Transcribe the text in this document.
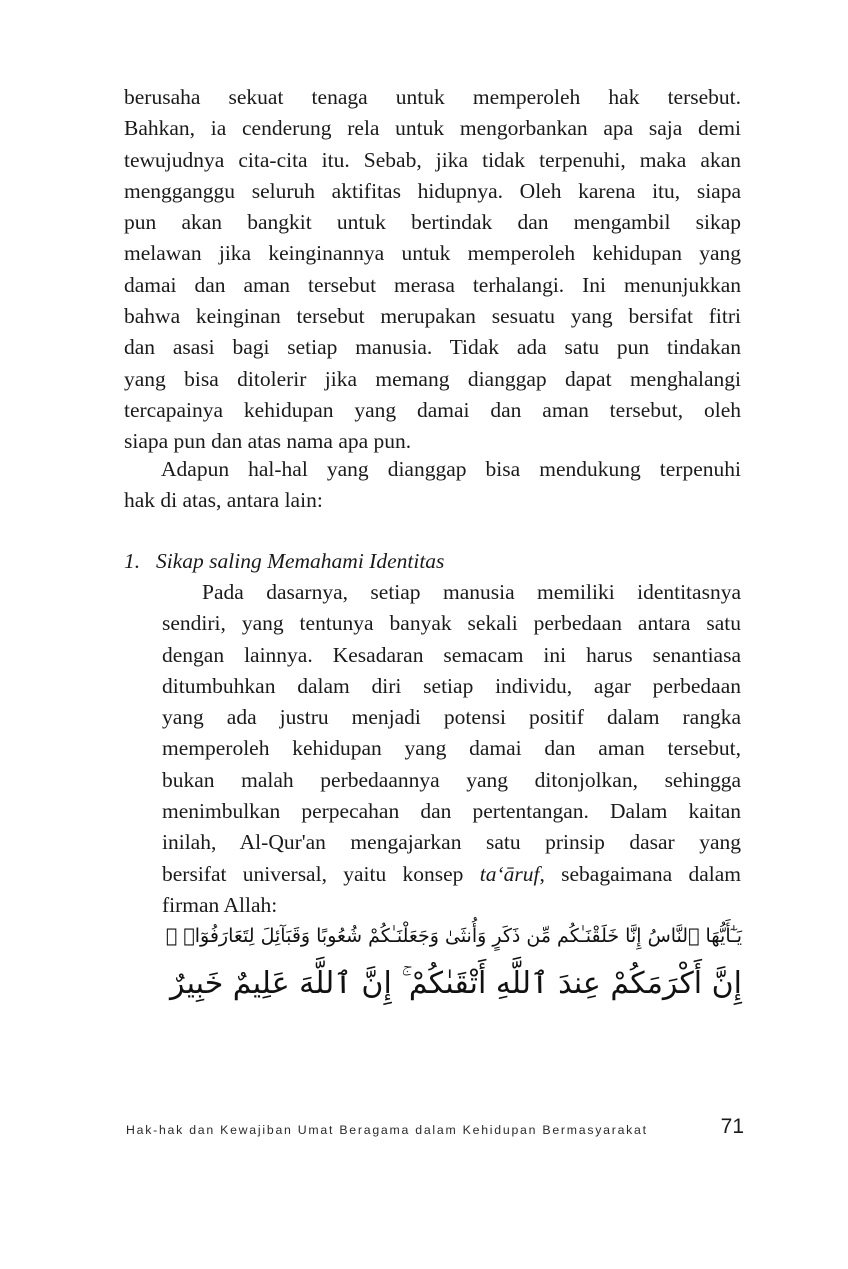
berusaha sekuat tenaga untuk memperoleh hak tersebut.
Bahkan, ia cenderung rela untuk mengorbankan apa saja demi
tewujudnya cita-cita itu. Sebab, jika tidak terpenuhi, maka akan
mengganggu seluruh aktifitas hidupnya. Oleh karena itu, siapa
pun akan bangkit untuk bertindak dan mengambil sikap
melawan jika keinginannya untuk memperoleh kehidupan yang
damai dan aman tersebut merasa terhalangi. Ini menunjukkan
bahwa keinginan tersebut merupakan sesuatu yang bersifat fitri
dan asasi bagi setiap manusia. Tidak ada satu pun tindakan
yang bisa ditolerir jika memang dianggap dapat menghalangi
tercapainya kehidupan yang damai dan aman tersebut, oleh
siapa pun dan atas nama apa pun.
Adapun hal-hal yang dianggap bisa mendukung terpenuhi
hak di atas, antara lain:
1. Sikap saling Memahami Identitas
Pada dasarnya, setiap manusia memiliki identitasnya
sendiri, yang tentunya banyak sekali perbedaan antara satu
dengan lainnya. Kesadaran semacam ini harus senantiasa
ditumbuhkan dalam diri setiap individu, agar perbedaan
yang ada justru menjadi potensi positif dalam rangka
memperoleh kehidupan yang damai dan aman tersebut,
bukan malah perbedaannya yang ditonjolkan, sehingga
menimbulkan perpecahan dan pertentangan. Dalam kaitan
inilah, Al-Qur'an mengajarkan satu prinsip dasar yang
bersifat universal, yaitu konsep ta‘āruf, sebagaimana dalam
firman Allah:
يَـٰٓأَيُّهَا ٱلنَّاسُ إِنَّا خَلَقْنَـٰكُم مِّن ذَكَرٍ وَأُنثَىٰ وَجَعَلْنَـٰكُمْ شُعُوبًا وَقَبَآئِلَ لِتَعَارَفُوٓا۟ ۚ
إِنَّ أَكْرَمَكُمْ عِندَ ٱللَّهِ أَتْقَىٰكُمْ ۚ إِنَّ ٱللَّهَ عَلِيمٌ خَبِيرٌ
Hak-hak dan Kewajiban Umat Beragama dalam Kehidupan Bermasyarakat	71
